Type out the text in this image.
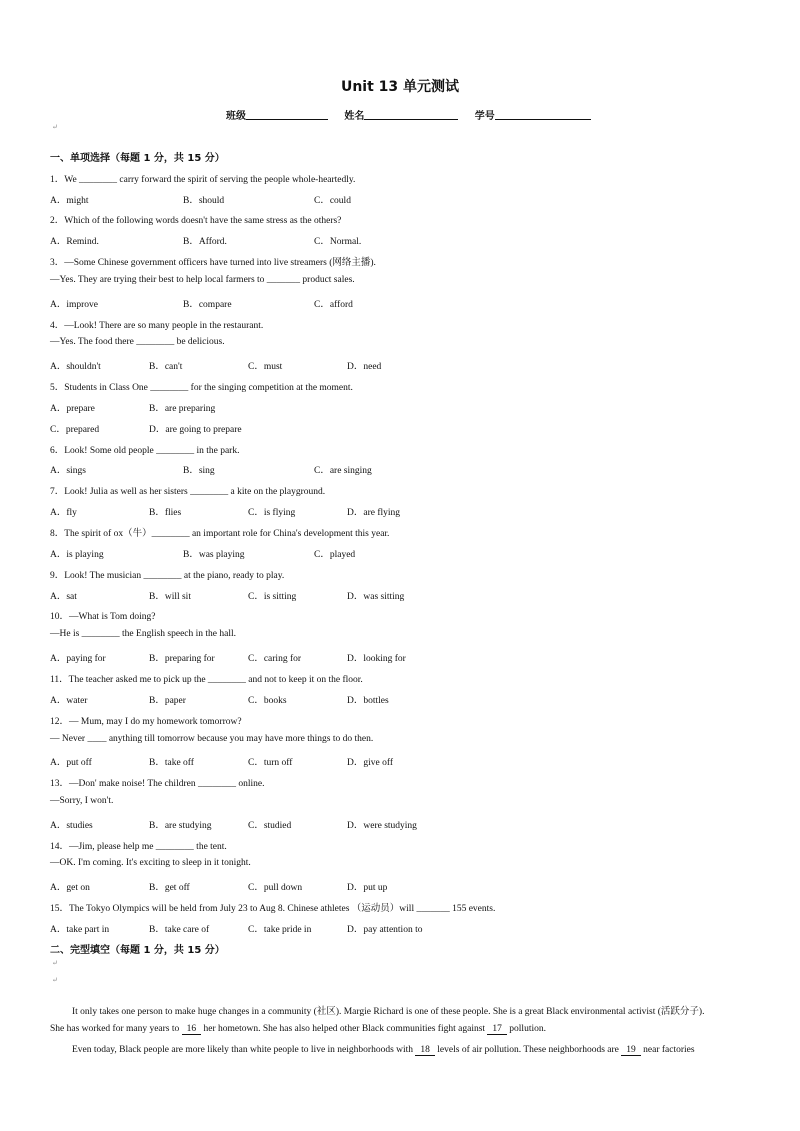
Unit 13 单元测试
班级	姓名	学号
↵
一、单项选择（每题 1 分，共 15 分）
1．We ________ carry forward the spirit of serving the people whole-heartedly.
A．might	B．should	C．could
2．Which of the following words doesn't have the same stress as the others?
A．Remind.	B．Afford.	C．Normal.
3．—Some Chinese government officers have turned into live streamers (网络主播).
—Yes. They are trying their best to help local farmers to _______ product sales.
A．improve	B．compare	C．afford
4．—Look! There are so many people in the restaurant.
—Yes. The food there ________ be delicious.
A．shouldn't	B．can't	C．must	D．need
5．Students in Class One ________ for the singing competition at the moment.
A．prepare	B．are preparing
C．prepared	D．are going to prepare
6．Look! Some old people ________ in the park.
A．sings	B．sing	C．are singing
7．Look! Julia as well as her sisters ________ a kite on the playground.
A．fly	B．flies	C．is flying	D．are flying
8．The spirit of ox（牛）________ an important role for China's development this year.
A．is playing	B．was playing	C．played
9．Look! The musician ________ at the piano, ready to play.
A．sat	B．will sit	C．is sitting	D．was sitting
10．—What is Tom doing?
—He is ________ the English speech in the hall.
A．paying for	B．preparing for	C．caring for	D．looking for
11．The teacher asked me to pick up the ________ and not to keep it on the floor.
A．water	B．paper	C．books	D．bottles
12．— Mum, may I do my homework tomorrow?
— Never ____ anything till tomorrow because you may have more things to do then.
A．put off	B．take off	C．turn off	D．give off
13．—Don' make noise! The children ________ online.
—Sorry, I won't.
A．studies	B．are studying	C．studied	D．were studying
14．—Jim, please help me ________ the tent.
—OK. I'm coming. It's exciting to sleep in it tonight.
A．get on	B．get off	C．pull down	D．put up
15．The Tokyo Olympics will be held from July 23 to Aug 8. Chinese athletes （运动员）will _______ 155 events.
A．take part in	B．take care of	C．take pride in	D．pay attention to
二、完型填空（每题 1 分，共 15 分）
↵
↵
It only takes one person to make huge changes in a community (社区). Margie Richard is one of these people. She is a great Black environmental activist (活跃分子).
She has worked for many years to 16 her hometown. She has also helped other Black communities fight against 17 pollution.
Even today, Black people are more likely than white people to live in neighborhoods with 18 levels of air pollution. These neighborhoods are 19 near factories
